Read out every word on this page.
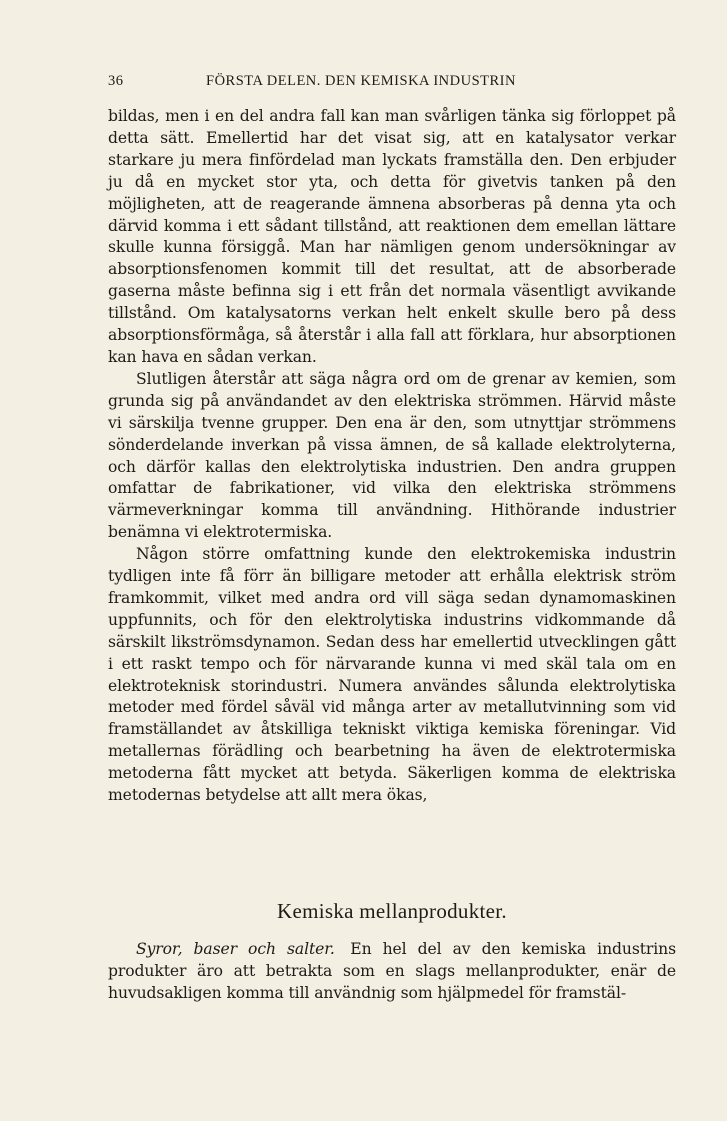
36	FÖRSTA DELEN. DEN KEMISKA INDUSTRIN

bildas, men i en del andra fall kan man svårligen tänka sig förloppet på detta sätt. Emellertid har det visat sig, att en katalysator verkar starkare ju mera finfördelad man lyckats framställa den. Den erbjuder ju då en mycket stor yta, och detta för givetvis tanken på den möjligheten, att de reagerande ämnena absorberas på denna yta och därvid komma i ett sådant tillstånd, att reaktionen dem emellan lättare skulle kunna försiggå. Man har nämligen genom undersökningar av absorptionsfenomen kommit till det resultat, att de absorberade gaserna måste befinna sig i ett från det normala väsentligt avvikande tillstånd. Om katalysatorns verkan helt enkelt skulle bero på dess absorptionsförmåga, så återstår i alla fall att förklara, hur absorptionen kan hava en sådan verkan.

Slutligen återstår att säga några ord om de grenar av kemien, som grunda sig på användandet av den elektriska strömmen. Härvid måste vi särskilja tvenne grupper. Den ena är den, som utnyttjar strömmens sönderdelande inverkan på vissa ämnen, de så kallade elektrolyterna, och därför kallas den elektrolytiska industrien. Den andra gruppen omfattar de fabrikationer, vid vilka den elektriska strömmens värmeverkningar komma till användning. Hithörande industrier benämna vi elektrotermiska.

Någon större omfattning kunde den elektrokemiska industrin tydligen inte få förr än billigare metoder att erhålla elektrisk ström framkommit, vilket med andra ord vill säga sedan dynamomaskinen uppfunnits, och för den elektrolytiska industrins vidkommande då särskilt likströmsdynamon. Sedan dess har emellertid utvecklingen gått i ett raskt tempo och för närvarande kunna vi med skäl tala om en elektroteknisk storindustri. Numera användes sålunda elektrolytiska metoder med fördel såväl vid många arter av metallutvinning som vid framställandet av åtskilliga tekniskt viktiga kemiska föreningar. Vid metallernas förädling och bearbetning ha även de elektrotermiska metoderna fått mycket att betyda. Säkerligen komma de elektriska metodernas betydelse att allt mera ökas,

Kemiska mellanprodukter.

Syror, baser och salter.  En hel del av den kemiska industrins produkter äro att betrakta som en slags mellanprodukter, enär de huvudsakligen komma till användnig som hjälpmedel för framstäl-
